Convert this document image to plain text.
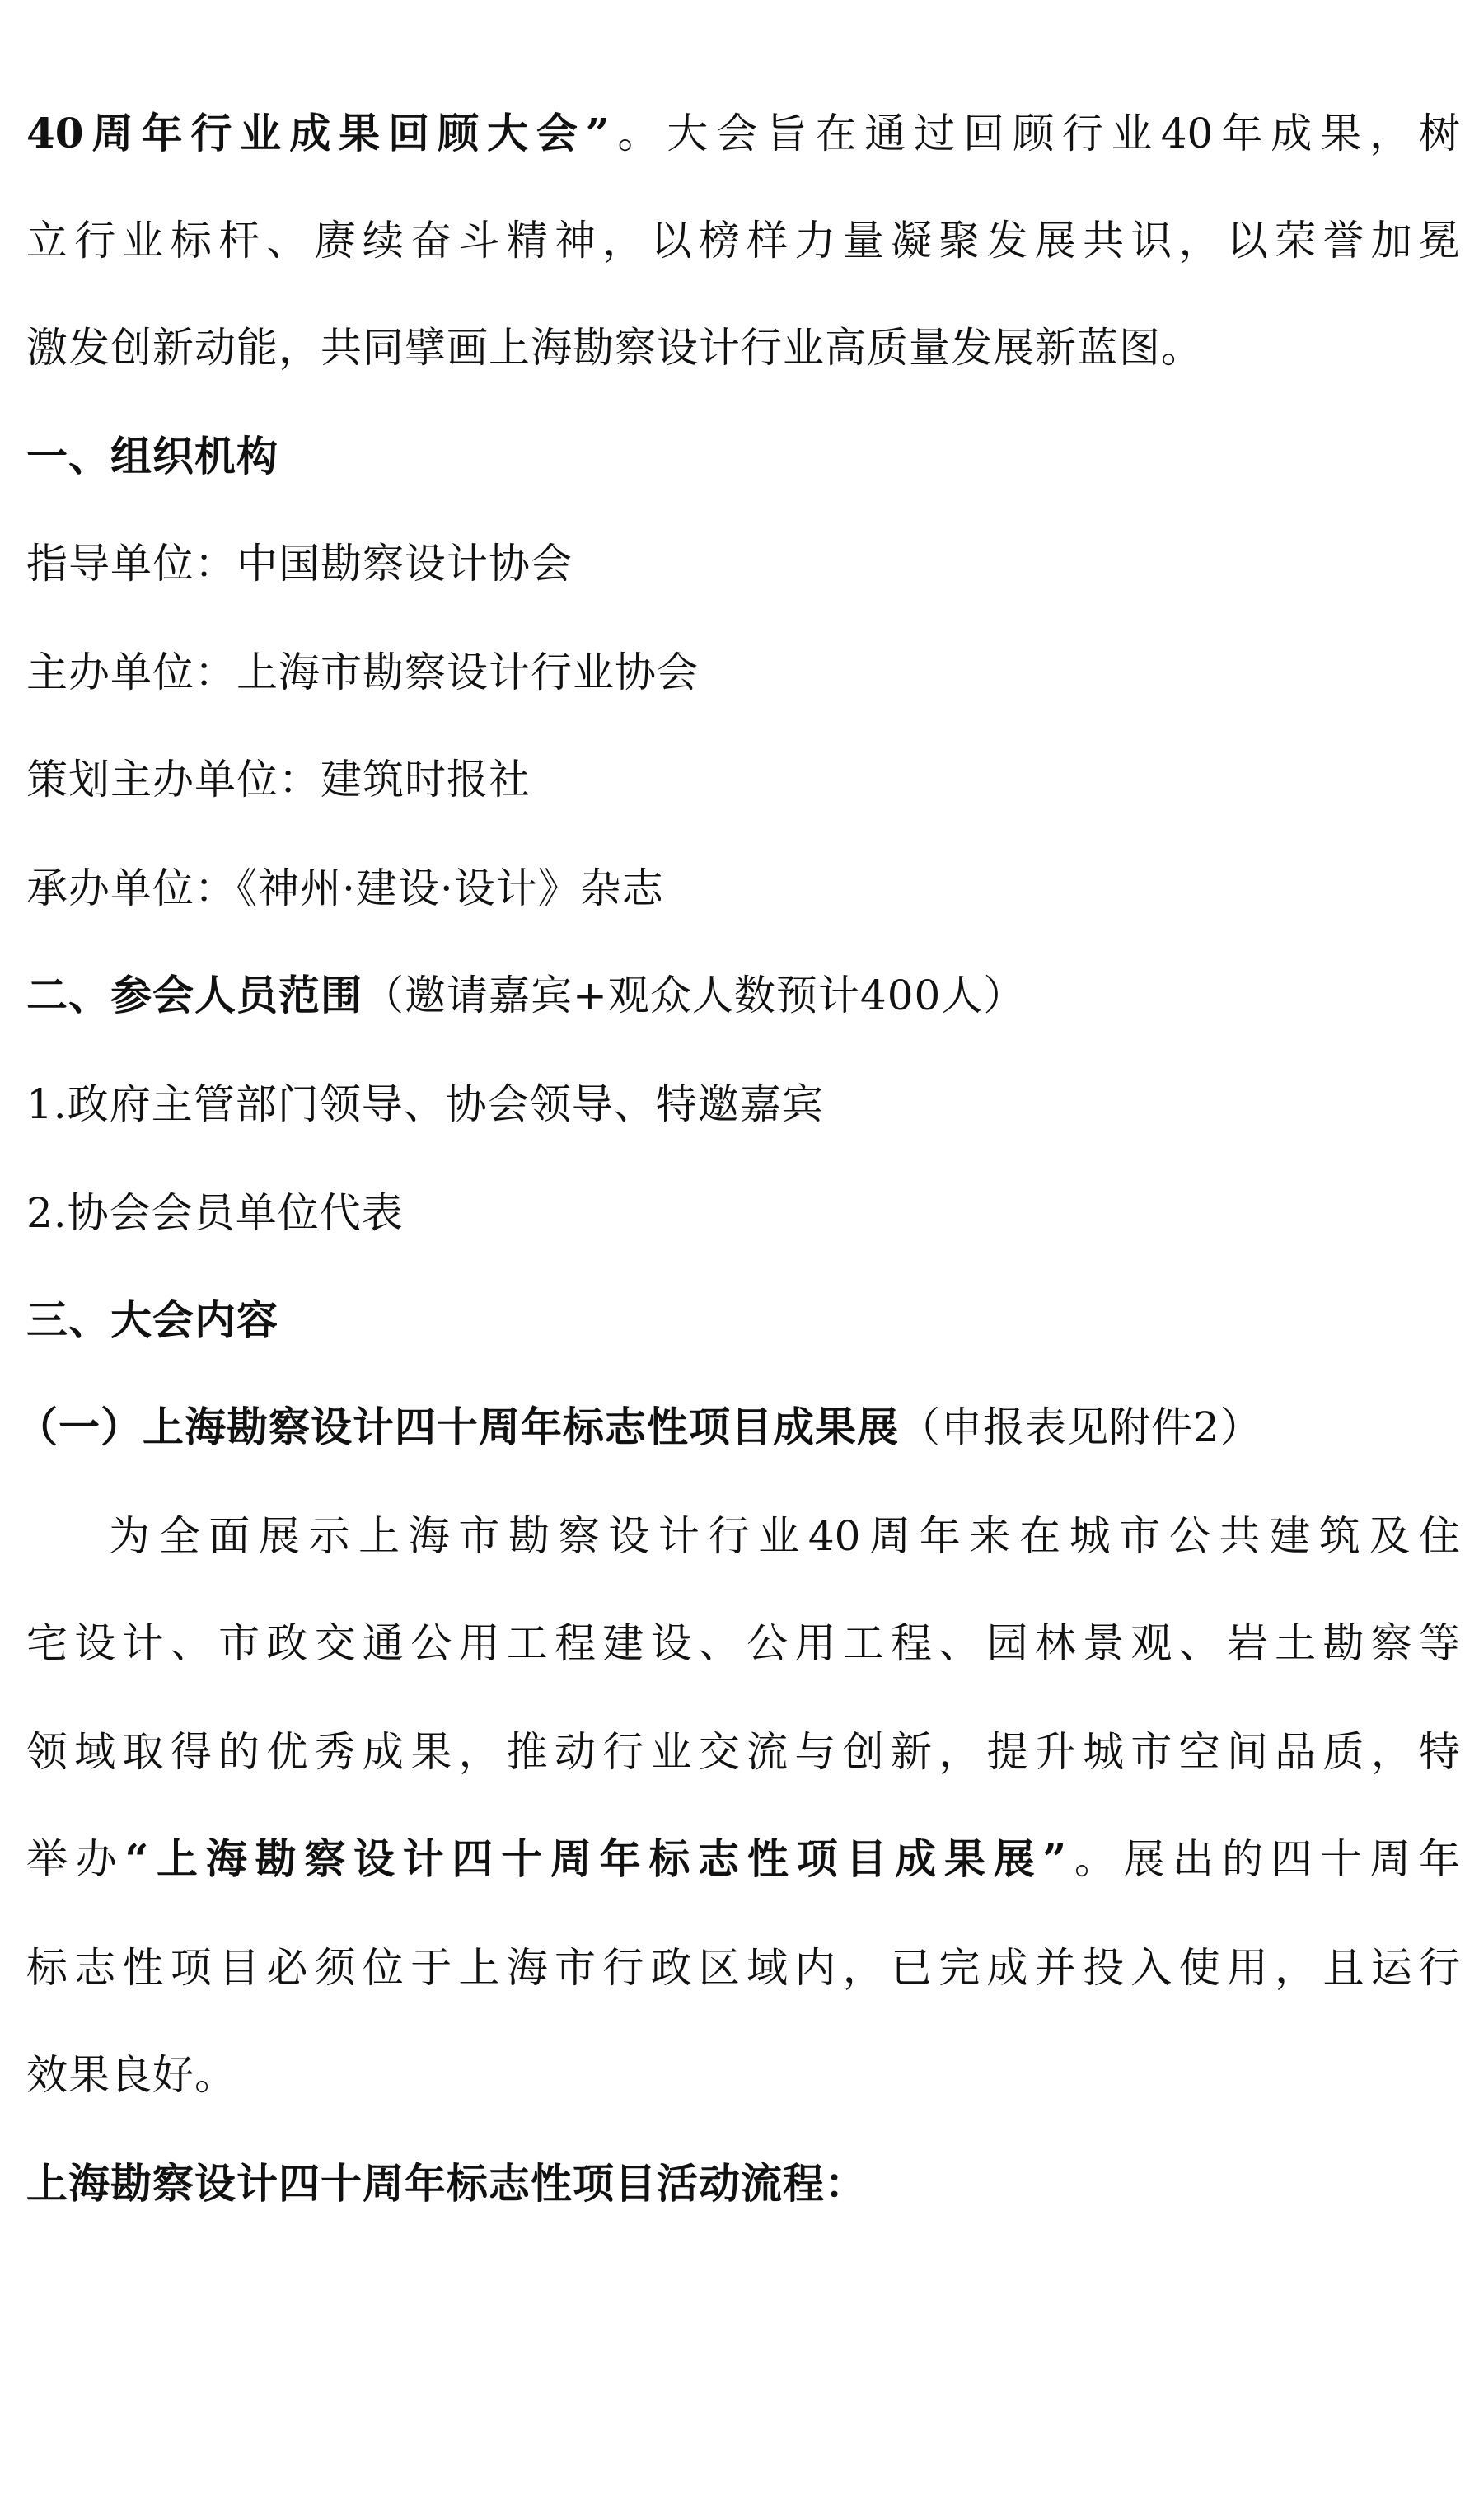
40周年行业成果回顾大会”。大会旨在通过回顾行业40年成果，树
立行业标杆、赓续奋斗精神，以榜样力量凝聚发展共识，以荣誉加冕
激发创新动能，共同擘画上海勘察设计行业高质量发展新蓝图。
一、组织机构
指导单位：中国勘察设计协会
主办单位：上海市勘察设计行业协会
策划主办单位：建筑时报社
承办单位：《神州·建设·设计》杂志
二、参会人员范围（邀请嘉宾+观众人数预计400人）
1.政府主管部门领导、协会领导、特邀嘉宾
2.协会会员单位代表
三、大会内容
（一）上海勘察设计四十周年标志性项目成果展（申报表见附件2）
为全面展示上海市勘察设计行业40周年来在城市公共建筑及住
宅设计、市政交通公用工程建设、公用工程、园林景观、岩土勘察等
领域取得的优秀成果，推动行业交流与创新，提升城市空间品质，特
举办“上海勘察设计四十周年标志性项目成果展”。展出的四十周年
标志性项目必须位于上海市行政区域内，已完成并投入使用，且运行
效果良好。
上海勘察设计四十周年标志性项目活动流程：
